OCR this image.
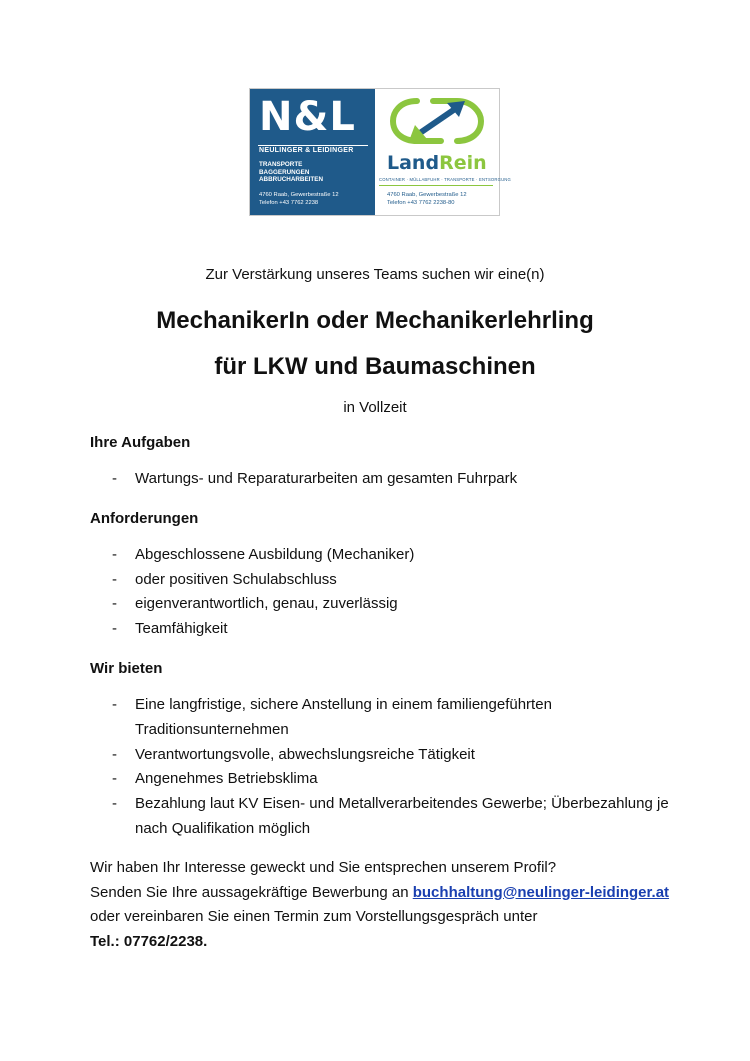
N&L
NEULINGER & LEIDINGER
TRANSPORTE
BAGGERUNGEN
ABBRUCHARBEITEN
4760 Raab, Gewerbestraße 12
Telefon +43 7762 2238
LandRein
CONTAINER · MÜLLABFUHR · TRANSPORTE · ENTSORGUNG
4760 Raab, Gewerbestraße 12
Telefon +43 7762 2238-80

Zur Verstärkung unseres Teams suchen wir eine(n)

MechanikerIn oder Mechanikerlehrling
für LKW und Baumaschinen
in Vollzeit
Ihre Aufgaben
- Wartungs- und Reparaturarbeiten am gesamten Fuhrpark
Anforderungen
- Abgeschlossene Ausbildung (Mechaniker)
- oder positiven Schulabschluss
- eigenverantwortlich, genau, zuverlässig
- Teamfähigkeit
Wir bieten
- Eine langfristige, sichere Anstellung in einem familiengeführten Traditionsunternehmen
- Verantwortungsvolle, abwechslungsreiche Tätigkeit
- Angenehmes Betriebsklima
- Bezahlung laut KV Eisen- und Metallverarbeitendes Gewerbe; Überbezahlung je nach Qualifikation möglich
Wir haben Ihr Interesse geweckt und Sie entsprechen unserem Profil?
Senden Sie Ihre aussagekräftige Bewerbung an buchhaltung@neulinger-leidinger.at oder vereinbaren Sie einen Termin zum Vorstellungsgespräch unter
Tel.: 07762/2238.
